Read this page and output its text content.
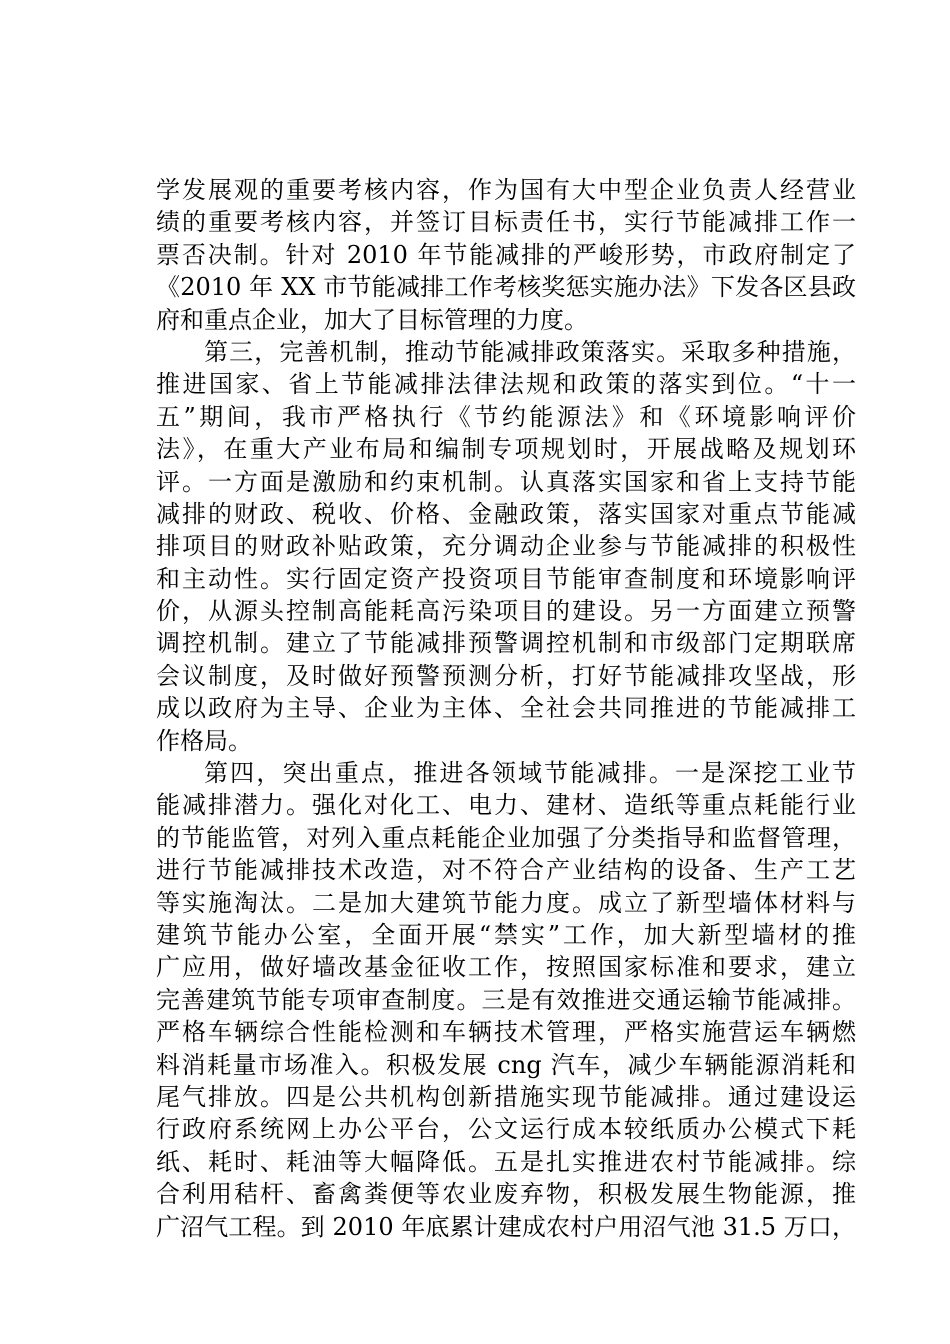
学发展观的重要考核内容，作为国有大中型企业负责人经营业
绩的重要考核内容，并签订目标责任书，实行节能减排工作一
票否决制。针对 2010 年节能减排的严峻形势，市政府制定了
《2010 年 XX 市节能减排工作考核奖惩实施办法》下发各区县政
府和重点企业，加大了目标管理的力度。
第三，完善机制，推动节能减排政策落实。采取多种措施，
推进国家、省上节能减排法律法规和政策的落实到位。“十一
五”期间，我市严格执行《节约能源法》和《环境影响评价
法》，在重大产业布局和编制专项规划时，开展战略及规划环
评。一方面是激励和约束机制。认真落实国家和省上支持节能
减排的财政、税收、价格、金融政策，落实国家对重点节能减
排项目的财政补贴政策，充分调动企业参与节能减排的积极性
和主动性。实行固定资产投资项目节能审查制度和环境影响评
价，从源头控制高能耗高污染项目的建设。另一方面建立预警
调控机制。建立了节能减排预警调控机制和市级部门定期联席
会议制度，及时做好预警预测分析，打好节能减排攻坚战，形
成以政府为主导、企业为主体、全社会共同推进的节能减排工
作格局。
第四，突出重点，推进各领域节能减排。一是深挖工业节
能减排潜力。强化对化工、电力、建材、造纸等重点耗能行业
的节能监管，对列入重点耗能企业加强了分类指导和监督管理，
进行节能减排技术改造，对不符合产业结构的设备、生产工艺
等实施淘汰。二是加大建筑节能力度。成立了新型墙体材料与
建筑节能办公室，全面开展“禁实”工作，加大新型墙材的推
广应用，做好墙改基金征收工作，按照国家标准和要求，建立
完善建筑节能专项审查制度。三是有效推进交通运输节能减排。
严格车辆综合性能检测和车辆技术管理，严格实施营运车辆燃
料消耗量市场准入。积极发展 cng 汽车，减少车辆能源消耗和
尾气排放。四是公共机构创新措施实现节能减排。通过建设运
行政府系统网上办公平台，公文运行成本较纸质办公模式下耗
纸、耗时、耗油等大幅降低。五是扎实推进农村节能减排。综
合利用秸杆、畜禽粪便等农业废弃物，积极发展生物能源，推
广沼气工程。到 2010 年底累计建成农村户用沼气池 31.5 万口，
